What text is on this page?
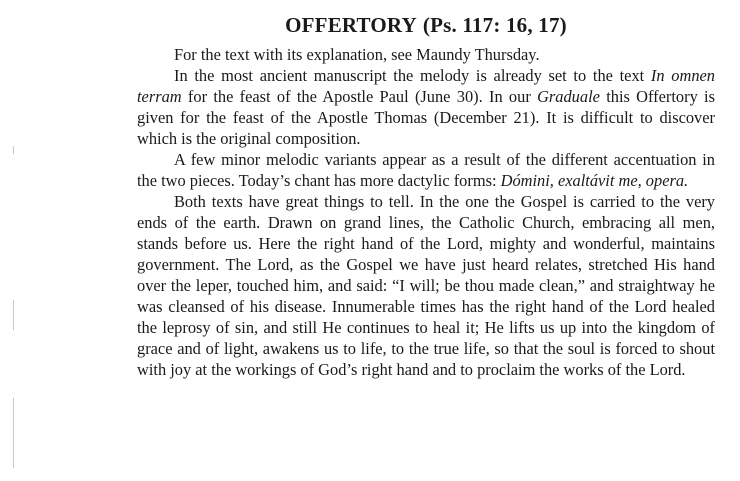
OFFERTORY (Ps. 117: 16, 17)

For the text with its explanation, see Maundy Thursday.

In the most ancient manuscript the melody is already set to the text In omnen terram for the feast of the Apostle Paul (June 30). In our Graduale this Offertory is given for the feast of the Apostle Thomas (December 21). It is difficult to discover which is the original composition.

A few minor melodic variants appear as a result of the different accentuation in the two pieces. Today’s chant has more dactylic forms: Dómini, exaltávit me, opera.

Both texts have great things to tell. In the one the Gospel is carried to the very ends of the earth. Drawn on grand lines, the Catholic Church, embracing all men, stands before us. Here the right hand of the Lord, mighty and wonderful, maintains government. The Lord, as the Gospel we have just heard relates, stretched His hand over the leper, touched him, and said: “I will; be thou made clean,” and straightway he was cleansed of his disease. Innumerable times has the right hand of the Lord healed the leprosy of sin, and still He continues to heal it; He lifts us up into the kingdom of grace and of light, awakens us to life, to the true life, so that the soul is forced to shout with joy at the workings of God’s right hand and to proclaim the works of the Lord.
